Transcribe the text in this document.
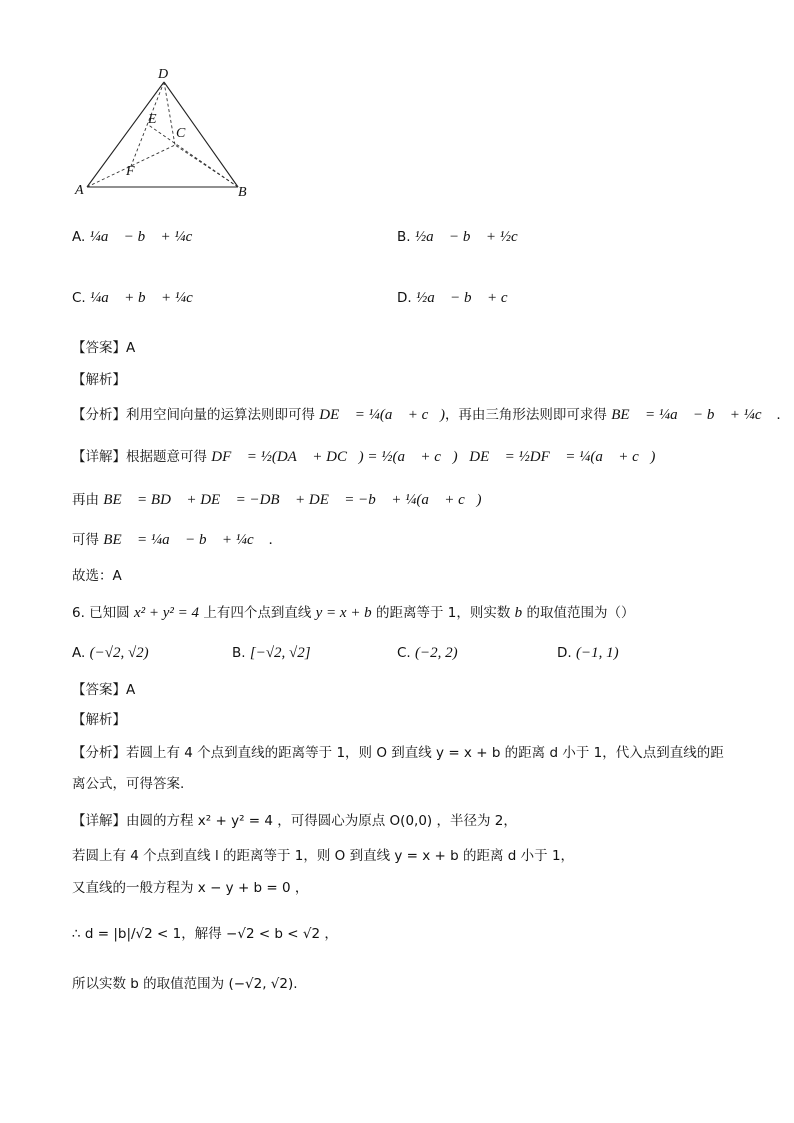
D
E
C
F
A	B
A. ¼a⃗ − b⃗ + ¼c⃗	B. ½a⃗ − b⃗ + ½c⃗
C. ¼a⃗ + b⃗ + ¼c⃗	D. ½a⃗ − b⃗ + c⃗
【答案】A
【解析】
【分析】利用空间向量的运算法则即可得 DE⃗ = ¼(a⃗ + c⃗)，再由三角形法则即可求得 BE⃗ = ¼a⃗ − b⃗ + ¼c⃗ .
【详解】根据题意可得 DF⃗ = ½(DA⃗ + DC⃗) = ½(a⃗ + c⃗)，DE⃗ = ½DF⃗ = ¼(a⃗ + c⃗)；
再由 BE⃗ = BD⃗ + DE⃗ = −DB⃗ + DE⃗ = −b⃗ + ¼(a⃗ + c⃗)，
可得 BE⃗ = ¼a⃗ − b⃗ + ¼c⃗ .
故选：A
6. 已知圆 x² + y² = 4 上有四个点到直线 y = x + b 的距离等于 1，则实数 b 的取值范围为（）
A. (−√2, √2)	B. [−√2, √2]	C. (−2, 2)	D. (−1, 1)
【答案】A
【解析】
【分析】若圆上有 4 个点到直线的距离等于 1，则 O 到直线 y = x + b 的距离 d 小于 1，代入点到直线的距
离公式，可得答案.
【详解】由圆的方程 x² + y² = 4 ，可得圆心为原点 O(0,0) ，半径为 2，
若圆上有 4 个点到直线 l 的距离等于 1，则 O 到直线 y = x + b 的距离 d 小于 1，
又直线的一般方程为 x − y + b = 0 ，
∴ d = |b|/√2 < 1，解得 −√2 < b < √2 ，
所以实数 b 的取值范围为 (−√2, √2).
